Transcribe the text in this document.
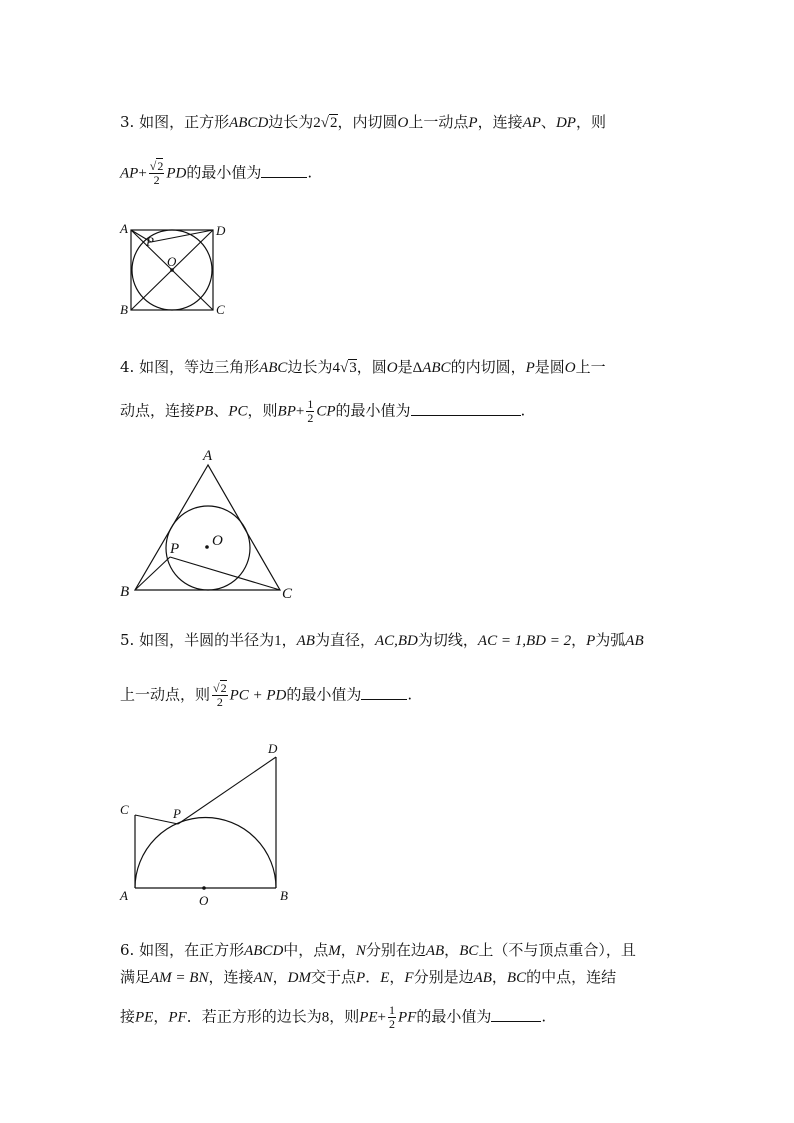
3. 如图，正方形ABCD边长为2√2，内切圆O上一动点P，连接AP、DP，则
$AP+ \frac{√2}{2}$ PD的最小值为	.
A
P
D
O
B	C
4. 如图，等边三角形ABC边长为4√3，圆O是ΔABC的内切圆，P是圆O上一
动点，连接PB、PC，则$BP+ \frac{1}{2}$ CP的最小值为	.
A
O
P
B	C
5. 如图，半圆的半径为1，AB为直径，AC,BD为切线，AC = 1,BD = 2，P为弧AB
上一动点，则 $\frac{√2}{2}$ PC + PD的最小值为	.
D
C	P
A	O	B
6. 如图，在正方形ABCD中，点M，N分别在边AB，BC上（不与顶点重合），且
满足AM = BN，连接AN，DM交于点P．E，F分别是边AB，BC的中点，连结
接PE，PF．若正方形的边长为8，则$PE+ \frac{1}{2}$ PF的最小值为	.
